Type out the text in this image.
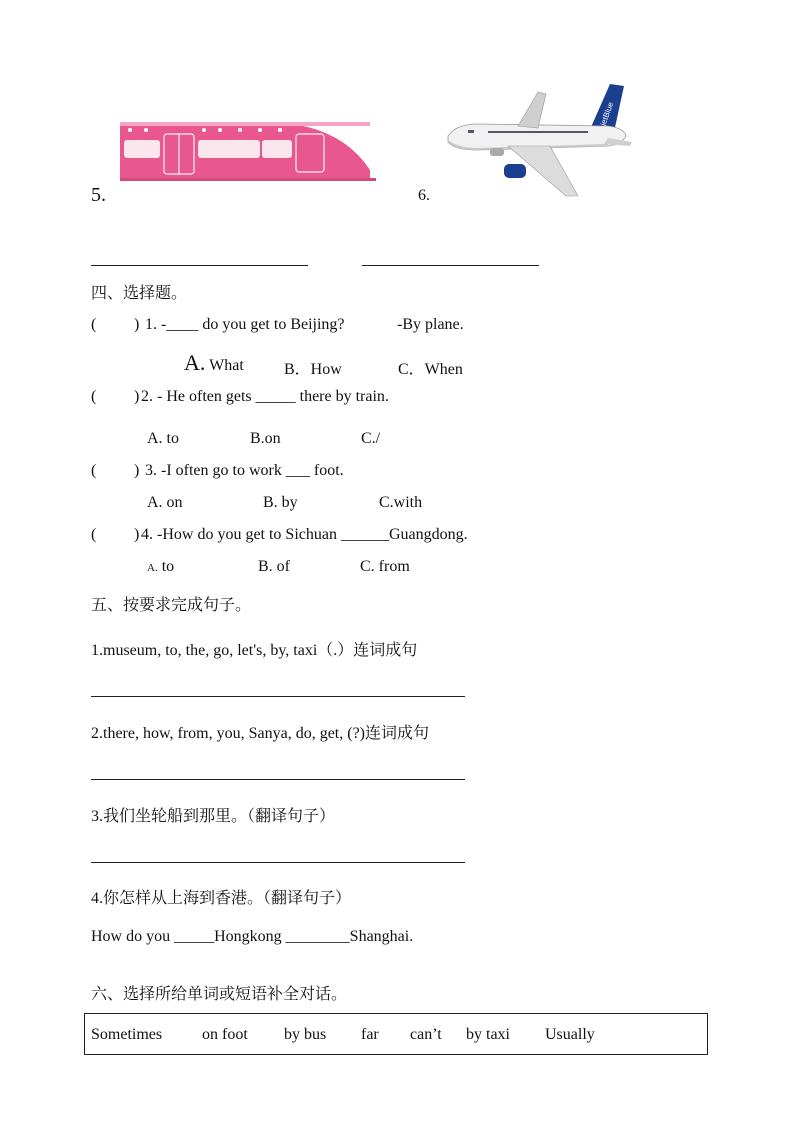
5.
jetBlue
6.
四、选择题。
( ) 1. -____ do you get to Beijing?	-By plane.
A. What	B．How	C．When
( ) 2. - He often gets _____ there by train.
A. to	B.on	C./
( ) 3. -I often go to work ___ foot.
A. on	B. by	C.with
( ) 4. -How do you get to Sichuan ______Guangdong.
A. to	B. of	C. from
五、按要求完成句子。
1.museum, to, the, go, let's, by, taxi（.）连词成句
2.there, how, from, you, Sanya, do, get, (?)连词成句
3.我们坐轮船到那里。（翻译句子）
4.你怎样从上海到香港。（翻译句子）
How do you _____Hongkong ________Shanghai.
六、选择所给单词或短语补全对话。
Sometimes on foot by bus far can’t by taxi Usually
